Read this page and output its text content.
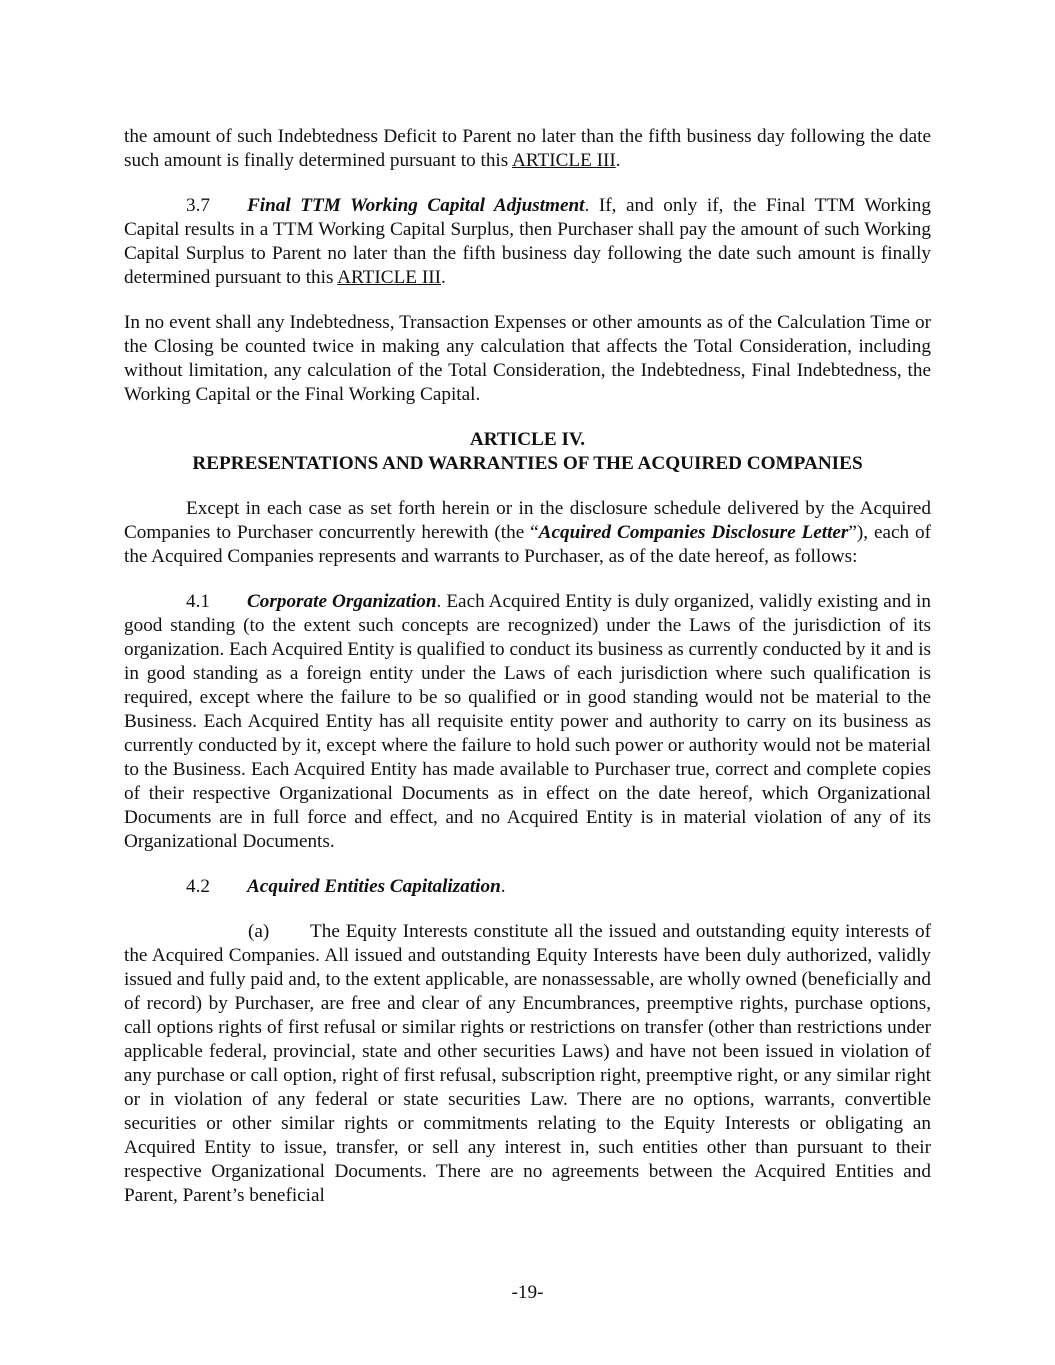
the amount of such Indebtedness Deficit to Parent no later than the fifth business day following the date such amount is finally determined pursuant to this ARTICLE III.

3.7 Final TTM Working Capital Adjustment. If, and only if, the Final TTM Working Capital results in a TTM Working Capital Surplus, then Purchaser shall pay the amount of such Working Capital Surplus to Parent no later than the fifth business day following the date such amount is finally determined pursuant to this ARTICLE III.

In no event shall any Indebtedness, Transaction Expenses or other amounts as of the Calculation Time or the Closing be counted twice in making any calculation that affects the Total Consideration, including without limitation, any calculation of the Total Consideration, the Indebtedness, Final Indebtedness, the Working Capital or the Final Working Capital.

ARTICLE IV.
REPRESENTATIONS AND WARRANTIES OF THE ACQUIRED COMPANIES

Except in each case as set forth herein or in the disclosure schedule delivered by the Acquired Companies to Purchaser concurrently herewith (the “Acquired Companies Disclosure Letter”), each of the Acquired Companies represents and warrants to Purchaser, as of the date hereof, as follows:

4.1 Corporate Organization. Each Acquired Entity is duly organized, validly existing and in good standing (to the extent such concepts are recognized) under the Laws of the jurisdiction of its organization. Each Acquired Entity is qualified to conduct its business as currently conducted by it and is in good standing as a foreign entity under the Laws of each jurisdiction where such qualification is required, except where the failure to be so qualified or in good standing would not be material to the Business. Each Acquired Entity has all requisite entity power and authority to carry on its business as currently conducted by it, except where the failure to hold such power or authority would not be material to the Business. Each Acquired Entity has made available to Purchaser true, correct and complete copies of their respective Organizational Documents as in effect on the date hereof, which Organizational Documents are in full force and effect, and no Acquired Entity is in material violation of any of its Organizational Documents.

4.2 Acquired Entities Capitalization.

(a) The Equity Interests constitute all the issued and outstanding equity interests of the Acquired Companies. All issued and outstanding Equity Interests have been duly authorized, validly issued and fully paid and, to the extent applicable, are nonassessable, are wholly owned (beneficially and of record) by Purchaser, are free and clear of any Encumbrances, preemptive rights, purchase options, call options rights of first refusal or similar rights or restrictions on transfer (other than restrictions under applicable federal, provincial, state and other securities Laws) and have not been issued in violation of any purchase or call option, right of first refusal, subscription right, preemptive right, or any similar right or in violation of any federal or state securities Law. There are no options, warrants, convertible securities or other similar rights or commitments relating to the Equity Interests or obligating an Acquired Entity to issue, transfer, or sell any interest in, such entities other than pursuant to their respective Organizational Documents. There are no agreements between the Acquired Entities and Parent, Parent’s beneficial

-19-
